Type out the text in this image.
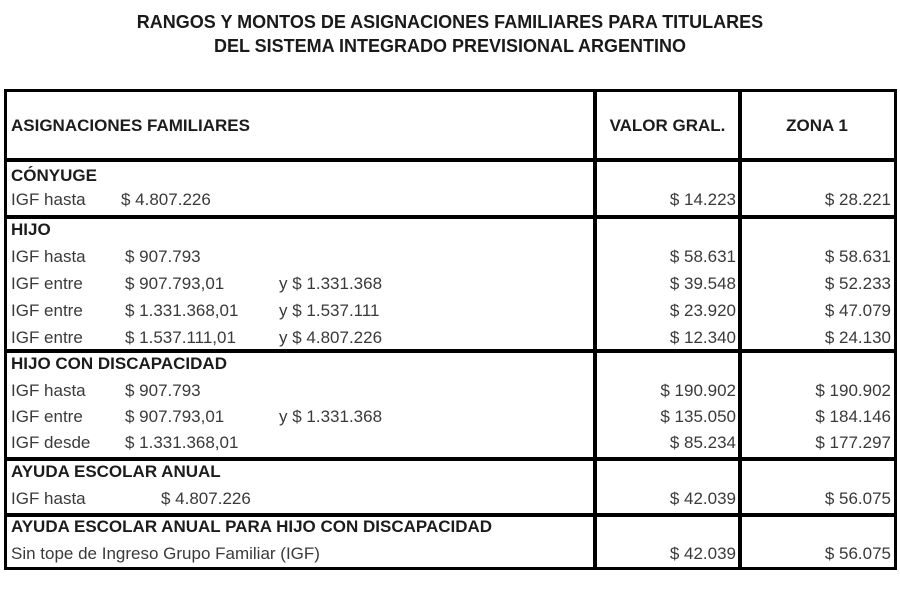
RANGOS Y MONTOS DE ASIGNACIONES FAMILIARES PARA TITULARES
DEL SISTEMA INTEGRADO PREVISIONAL ARGENTINO
ASIGNACIONES FAMILIARES	VALOR GRAL.	ZONA 1
CÓNYUGE
IGF hasta $ 4.807.226	$ 14.223	$ 28.221
HIJO
IGF hasta $ 907.793	$ 58.631	$ 58.631
IGF entre $ 907.793,01	y $ 1.331.368	$ 39.548	$ 52.233
IGF entre $ 1.331.368,01 y $ 1.537.111	$ 23.920	$ 47.079
IGF entre $ 1.537.111,01	y $ 4.807.226	$ 12.340	$ 24.130
HIJO CON DISCAPACIDAD
IGF hasta $ 907.793	$ 190.902	$ 190.902
IGF entre $ 907.793,01	y $ 1.331.368	$ 135.050	$ 184.146
IGF desde $ 1.331.368,01	$ 85.234	$ 177.297
AYUDA ESCOLAR ANUAL
IGF hasta	$ 4.807.226	$ 42.039	$ 56.075
AYUDA ESCOLAR ANUAL PARA HIJO CON DISCAPACIDAD
Sin tope de Ingreso Grupo Familiar (IGF)	$ 42.039	$ 56.075
